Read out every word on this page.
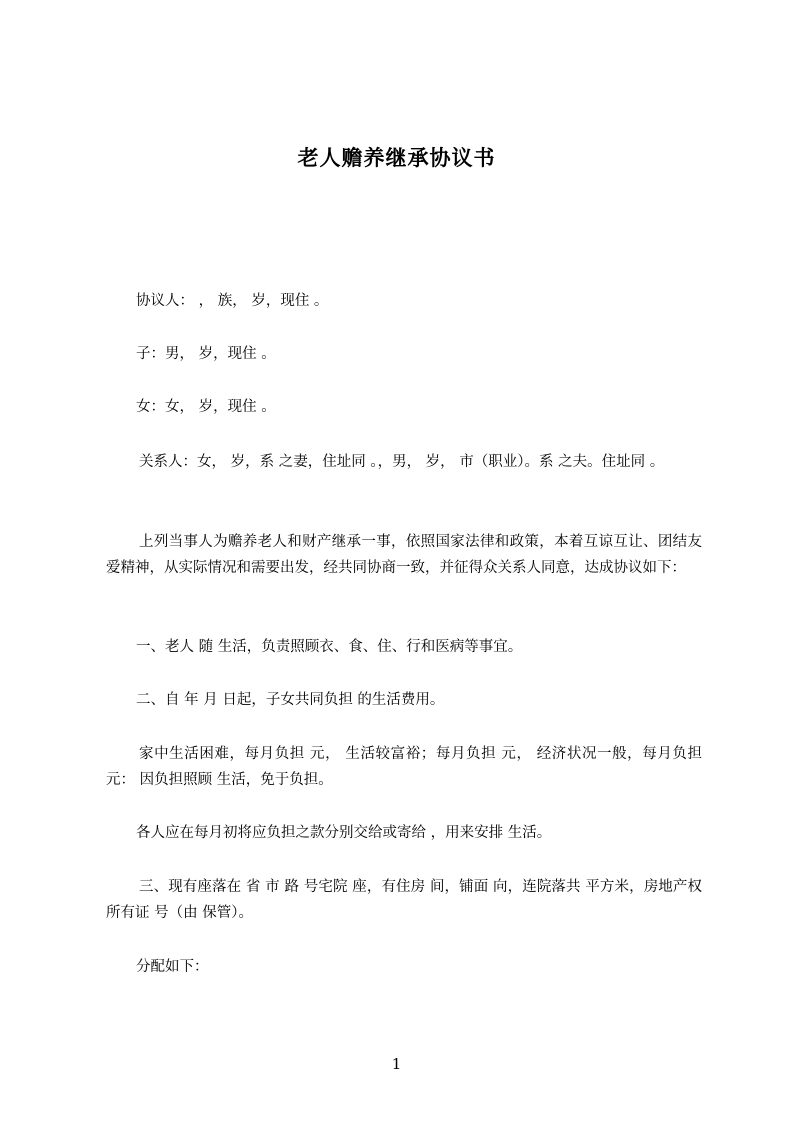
老人赡养继承协议书

协议人： ， 族， 岁，现住 。

子：男， 岁，现住 。

女：女， 岁，现住 。

关系人：女， 岁，系 之妻，住址同 。，男， 岁， 市（职业）。系 之夫。住址同 。

上列当事人为赡养老人和财产继承一事，依照国家法律和政策，本着互谅互让、团结友爱精神，从实际情况和需要出发，经共同协商一致，并征得众关系人同意，达成协议如下：

一、老人 随 生活，负责照顾衣、食、住、行和医病等事宜。

二、自 年 月 日起，子女共同负担 的生活费用。

家中生活困难，每月负担 元， 生活较富裕；每月负担 元， 经济状况一般，每月负担 元： 因负担照顾 生活，免于负担。

各人应在每月初将应负担之款分别交给或寄给 ，用来安排 生活。

三、现有座落在 省 市 路 号宅院 座，有住房 间，铺面 向，连院落共 平方米，房地产权所有证 号（由 保管）。

分配如下：

1
